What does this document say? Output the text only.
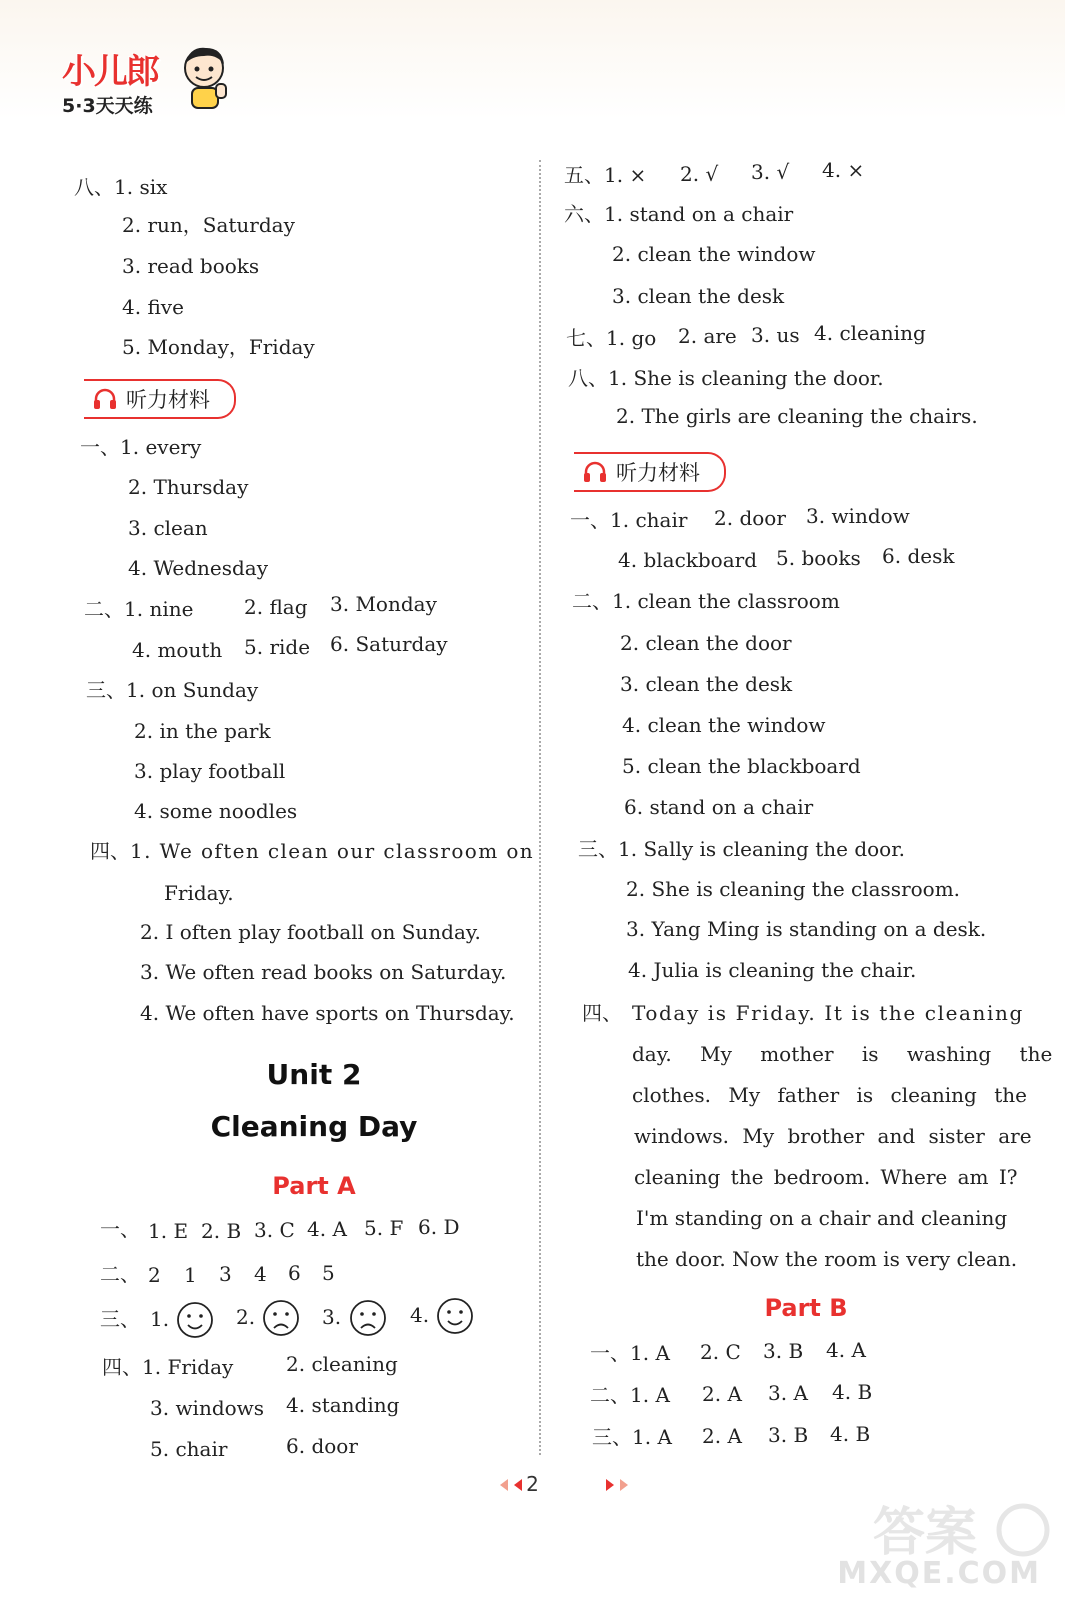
小儿郎
5·3天天练
八、1. six
2. run，Saturday
3. read books
4. five
5. Monday，Friday
听力材料
一、1. every
2. Thursday
3. clean
4. Wednesday
二、1. nine	2. flag 3. Monday
4. mouth 5. ride 6. Saturday
三、1. on Sunday
2. in the park
3. play football
4. some noodles
四、1. We often clean our classroom on
Friday.
2. I often play football on Sunday.
3. We often read books on Saturday.
4. We often have sports on Thursday.
Unit 2
Cleaning Day
Part A
一、 1. E 2. B 3. C 4. A 5. F 6. D
二、 2 1 3 4 6 5
三、 1.	2.	3.	4.
四、1. Friday	2. cleaning
3. windows 4. standing
5. chair	6. door
五、1. × 2. √ 3. √ 4. ×
六、1. stand on a chair
2. clean the window
3. clean the desk
七、1. go 2. are 3. us 4. cleaning
八、1. She is cleaning the door.
2. The girls are cleaning the chairs.
听力材料
一、1. chair 2. door 3. window
4. blackboard 5. books 6. desk
二、1. clean the classroom
2. clean the door
3. clean the desk
4. clean the window
5. clean the blackboard
6. stand on a chair
三、1. Sally is cleaning the door.
2. She is cleaning the classroom.
3. Yang Ming is standing on a desk.
4. Julia is cleaning the chair.
四、 Today is Friday. It is the cleaning
day. My mother is washing the
clothes. My father is cleaning the
windows. My brother and sister are
cleaning the bedroom. Where am I?
I'm standing on a chair and cleaning
the door. Now the room is very clean.
Part B
一、1. A 2. C 3. B 4. A
二、1. A 2. A 3. A 4. B
三、1. A 2. A 3. B 4. B
2
答案
MXQE.COM
